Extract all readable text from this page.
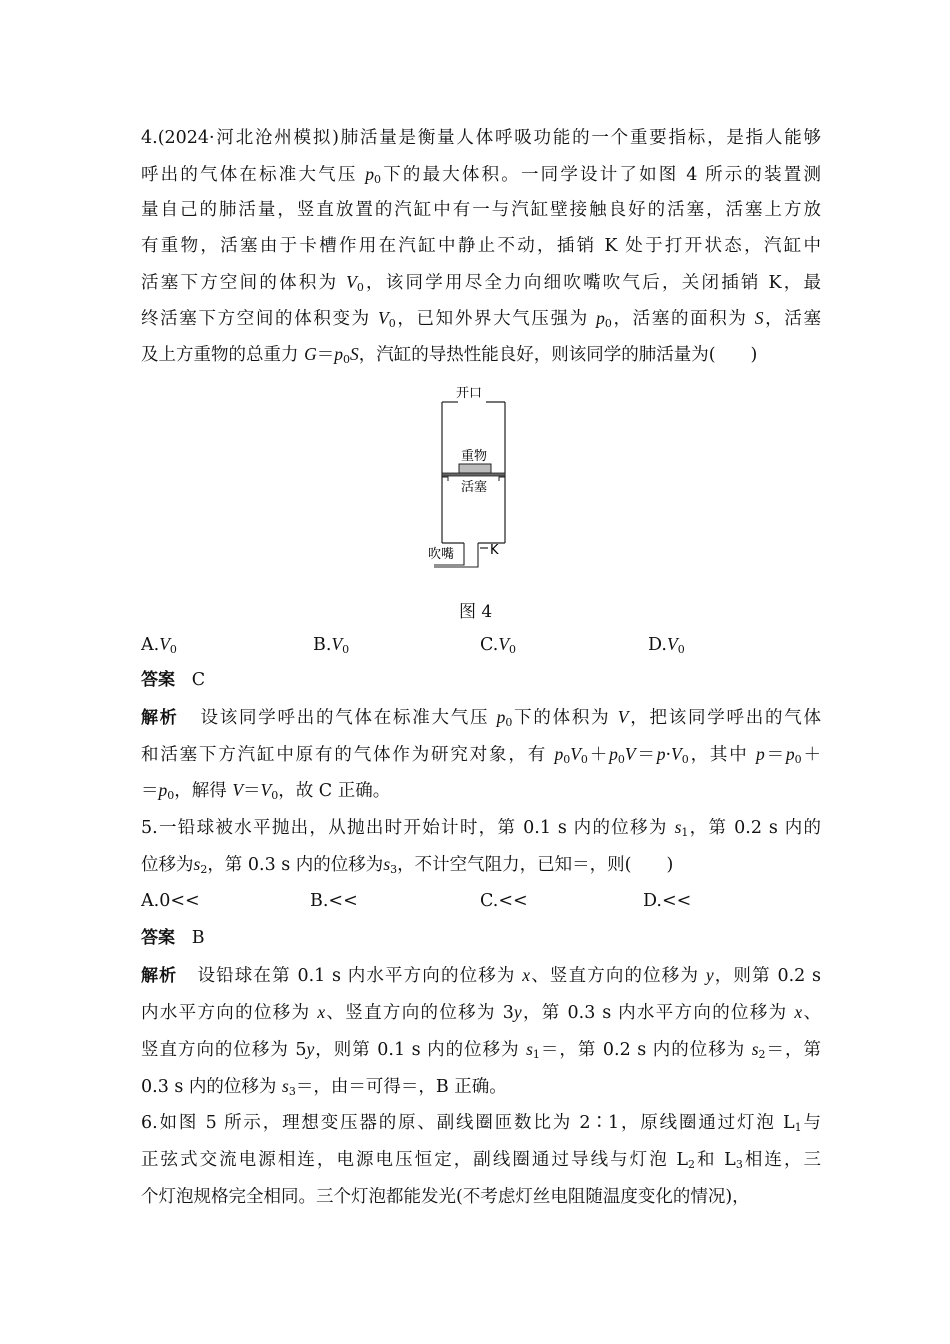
4.(2024·河北沧州模拟)肺活量是衡量人体呼吸功能的一个重要指标，是指人能够
呼出的气体在标准大气压 $p_0$下的最大体积。一同学设计了如图 4 所示的装置测
量自己的肺活量，竖直放置的汽缸中有一与汽缸壁接触良好的活塞，活塞上方放
有重物，活塞由于卡槽作用在汽缸中静止不动，插销 K 处于打开状态，汽缸中
活塞下方空间的体积为 $V_0$，该同学用尽全力向细吹嘴吹气后，关闭插销 K，最
终活塞下方空间的体积变为 $V_0$，已知外界大气压强为 $p_0$，活塞的面积为 S，活塞
及上方重物的总重力 $G=p_0S$，汽缸的导热性能良好，则该同学的肺活量为(　　)
开口
重物
活塞
吹嘴	K
图 4
$A.V_0$	$B.V_0$	$C.V_0$	$D.V_0$
答案 C
解析 设该同学呼出的气体在标准大气压 $p_0$下的体积为 V，把该同学呼出的气体
和活塞下方汽缸中原有的气体作为研究对象，有 $p_0V_0+p_0V=p\cdot V_0$，其中 $p=p_0+$
$=p_0$，解得 $V=V_0$，故 C 正确。
5.一铅球被水平抛出，从抛出时开始计时，第 0.1 s 内的位移为 $s_1$，第 0.2 s 内的
位移为$s_2$，第 0.3 s 内的位移为$s_3$，不计空气阻力，已知＝，则(　　)
A.0<<	B.<<	C.<<	D.<<
答案 B
解析 设铅球在第 0.1 s 内水平方向的位移为 x、竖直方向的位移为 y，则第 0.2 s
内水平方向的位移为 x、竖直方向的位移为 3y，第 0.3 s 内水平方向的位移为 x、
竖直方向的位移为 5y，则第 0.1 s 内的位移为 $s_1=$，第 0.2 s 内的位移为 $s_2=$，第
0.3 s 内的位移为 $s_3=$，由＝可得＝，B 正确。
6.如图 5 所示，理想变压器的原、副线圈匝数比为 2∶1，原线圈通过灯泡 $L_1$与
正弦式交流电源相连，电源电压恒定，副线圈通过导线与灯泡 $L_2$和 $L_3$相连，三
个灯泡规格完全相同。三个灯泡都能发光(不考虑灯丝电阻随温度变化的情况)，
